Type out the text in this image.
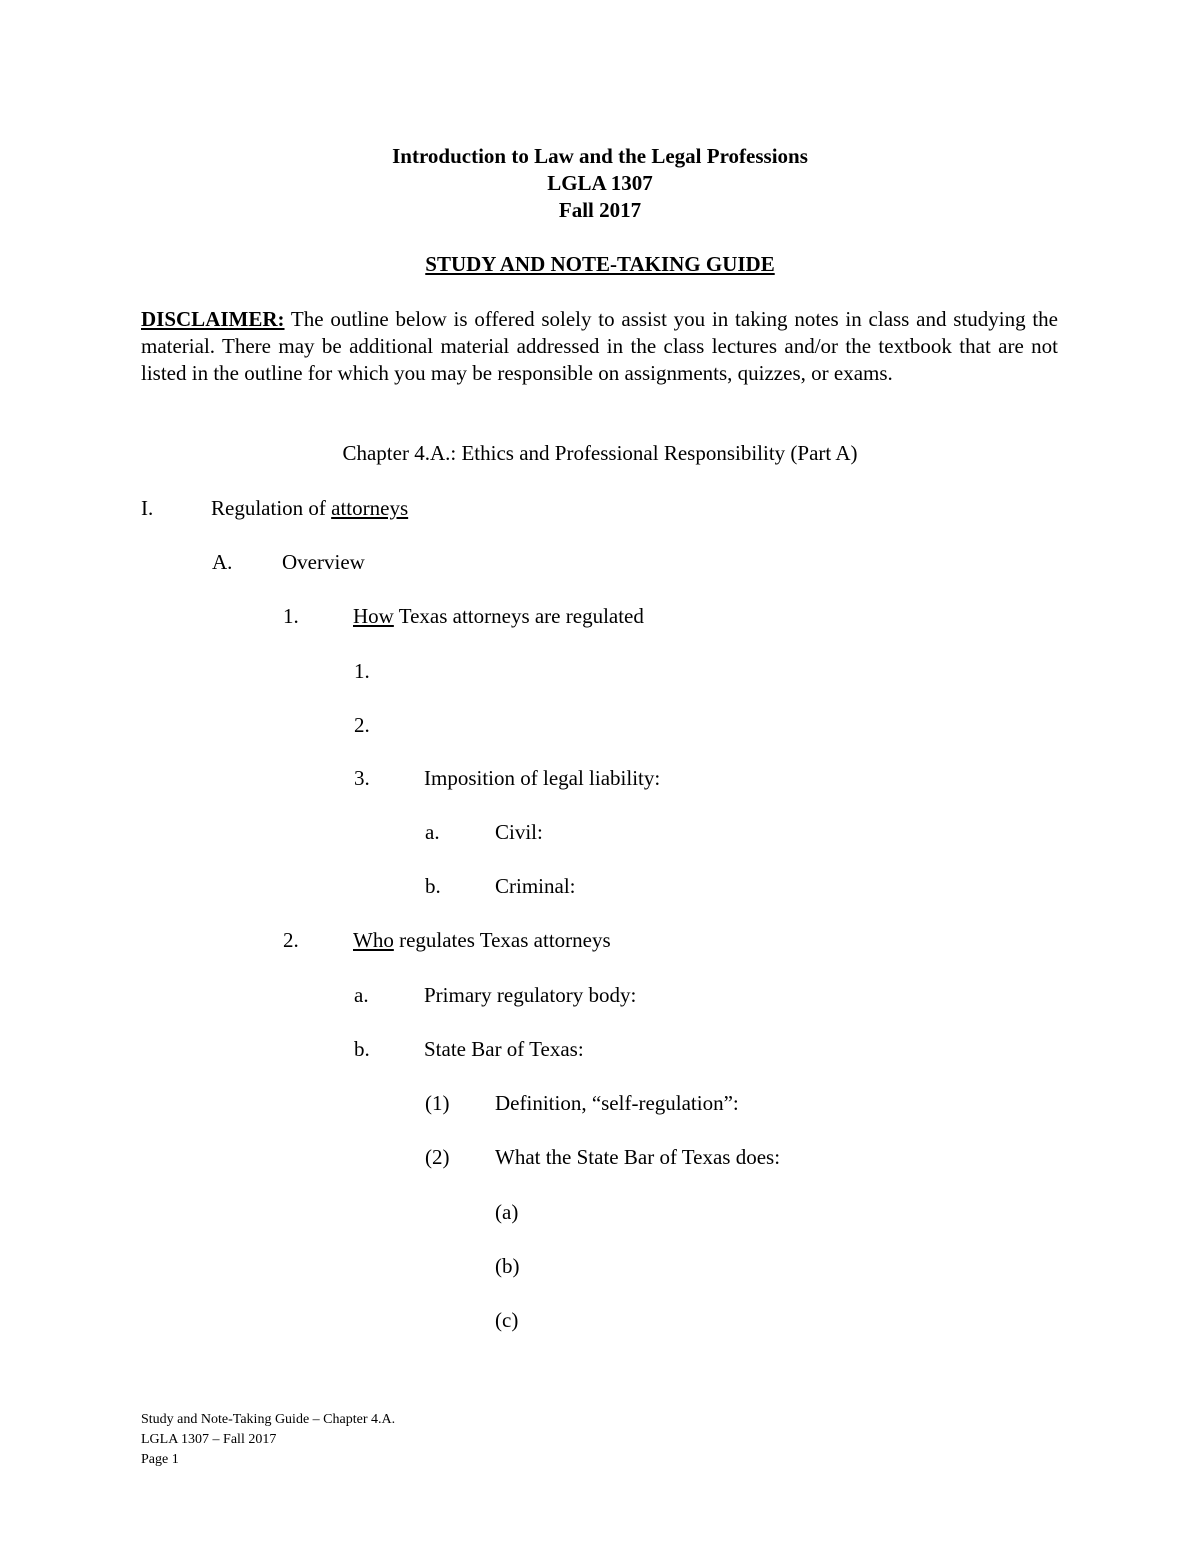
Introduction to Law and the Legal Professions
LGLA 1307
Fall 2017
STUDY AND NOTE-TAKING GUIDE
DISCLAIMER: The outline below is offered solely to assist you in taking notes in class and studying the material. There may be additional material addressed in the class lectures and/or the textbook that are not listed in the outline for which you may be responsible on assignments, quizzes, or exams.
Chapter 4.A.: Ethics and Professional Responsibility (Part A)
I.	Regulation of attorneys
A. Overview
1.	How Texas attorneys are regulated
1.
2.
3.	Imposition of legal liability:
a.	Civil:
b.	Criminal:
2.	Who regulates Texas attorneys
a.	Primary regulatory body:
b.	State Bar of Texas:
(1) Definition, “self-regulation”:
(2) What the State Bar of Texas does:
(a)
(b)
(c)
Study and Note-Taking Guide – Chapter 4.A.
LGLA 1307 – Fall 2017
Page 1
